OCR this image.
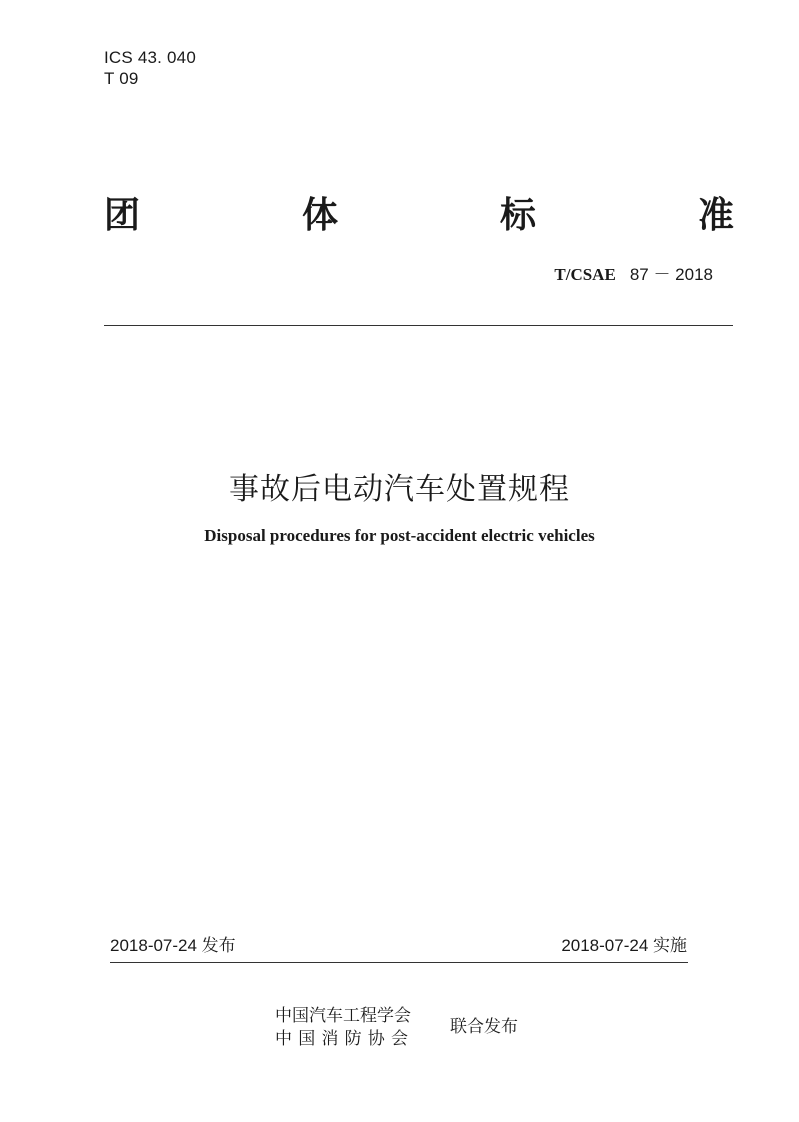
ICS 43. 040
T 09
团	体	标	准
T/CSAE 87 － 2018
事故后电动汽车处置规程
Disposal procedures for post-accident electric vehicles
2018-07-24 发布	2018-07-24 实施
中国汽车工程学会
中国消防协会
联合发布
